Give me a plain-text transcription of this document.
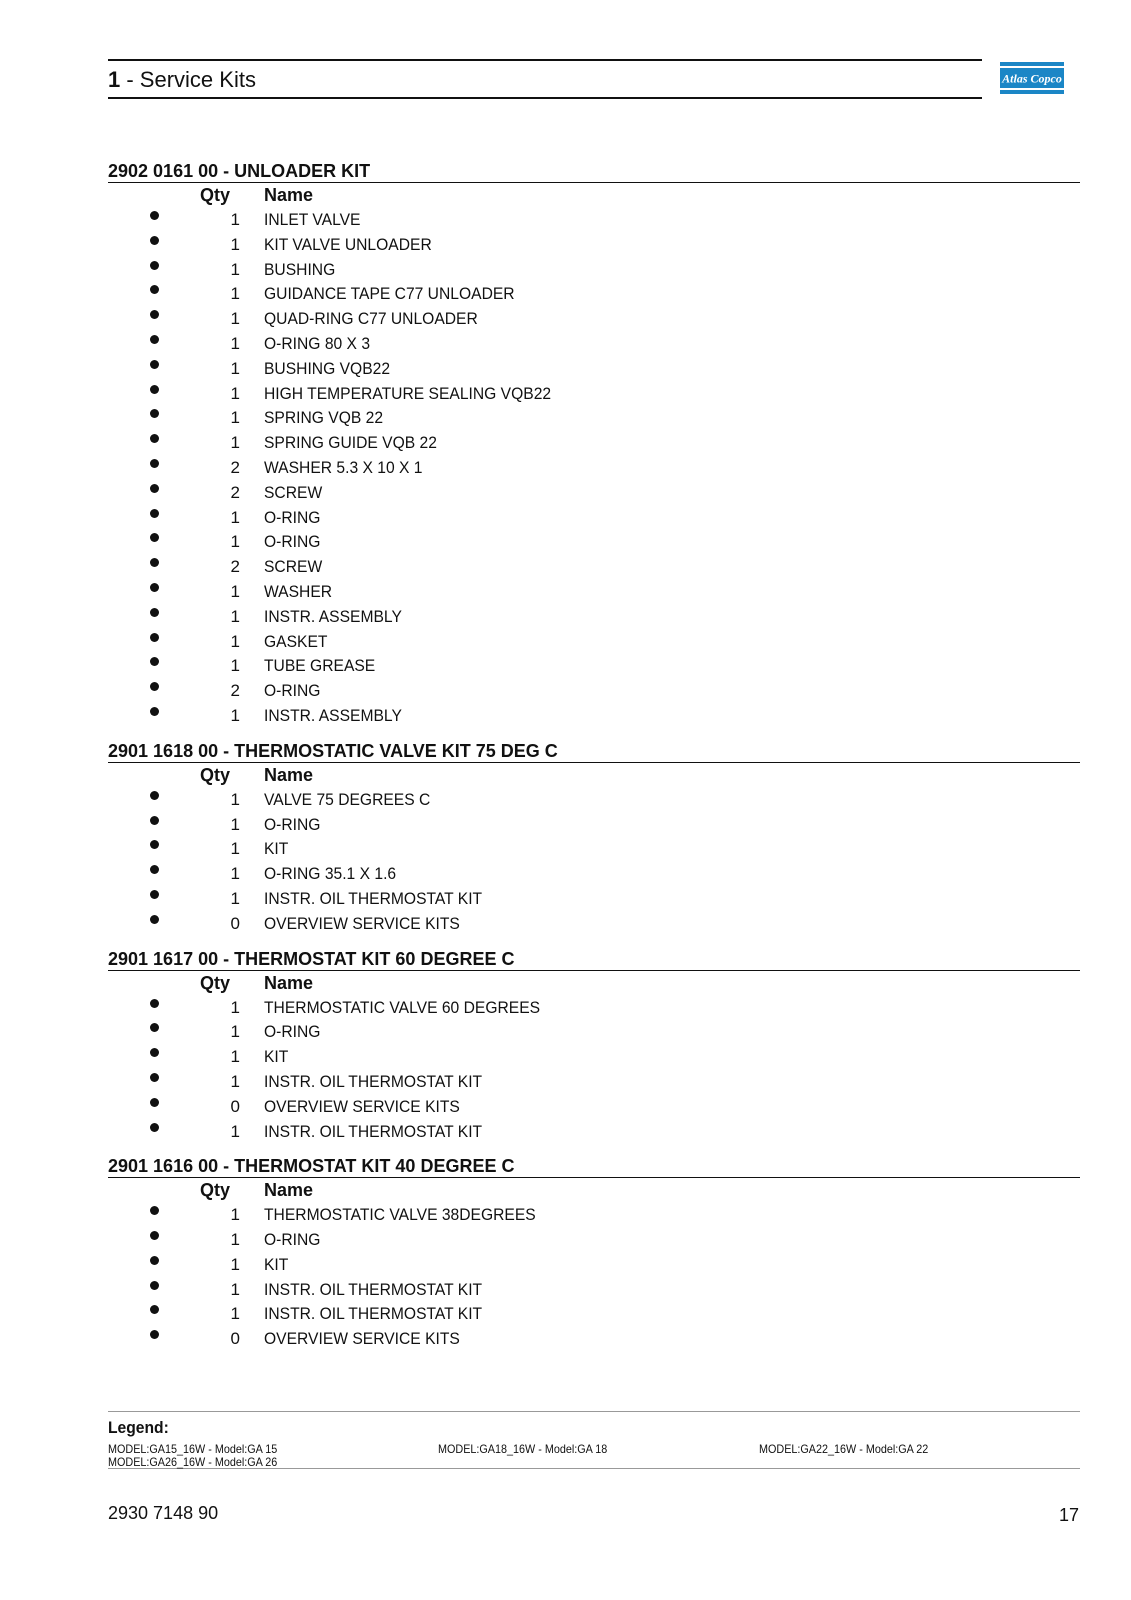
1 - Service Kits	Atlas Copco
2902 0161 00 - UNLOADER KIT
Qty Name
1 INLET VALVE
1 KIT VALVE UNLOADER
1 BUSHING
1 GUIDANCE TAPE C77 UNLOADER
1 QUAD-RING C77 UNLOADER
1 O-RING 80 X 3
1 BUSHING VQB22
1 HIGH TEMPERATURE SEALING VQB22
1 SPRING VQB 22
1 SPRING GUIDE VQB 22
2 WASHER 5.3 X 10 X 1
2 SCREW
1 O-RING
1 O-RING
2 SCREW
1 WASHER
1 INSTR. ASSEMBLY
1 GASKET
1 TUBE GREASE
2 O-RING
1 INSTR. ASSEMBLY
2901 1618 00 - THERMOSTATIC VALVE KIT 75 DEG C
Qty Name
1 VALVE 75 DEGREES C
1 O-RING
1 KIT
1 O-RING 35.1 X 1.6
1 INSTR. OIL THERMOSTAT KIT
0 OVERVIEW SERVICE KITS
2901 1617 00 - THERMOSTAT KIT 60 DEGREE C
Qty Name
1 THERMOSTATIC VALVE 60 DEGREES
1 O-RING
1 KIT
1 INSTR. OIL THERMOSTAT KIT
0 OVERVIEW SERVICE KITS
1 INSTR. OIL THERMOSTAT KIT
2901 1616 00 - THERMOSTAT KIT 40 DEGREE C
Qty Name
1 THERMOSTATIC VALVE 38DEGREES
1 O-RING
1 KIT
1 INSTR. OIL THERMOSTAT KIT
1 INSTR. OIL THERMOSTAT KIT
0 OVERVIEW SERVICE KITS
Legend:
MODEL:GA15_16W - Model:GA 15	MODEL:GA18_16W - Model:GA 18	MODEL:GA22_16W - Model:GA 22
MODEL:GA26_16W - Model:GA 26
2930 7148 90	17
